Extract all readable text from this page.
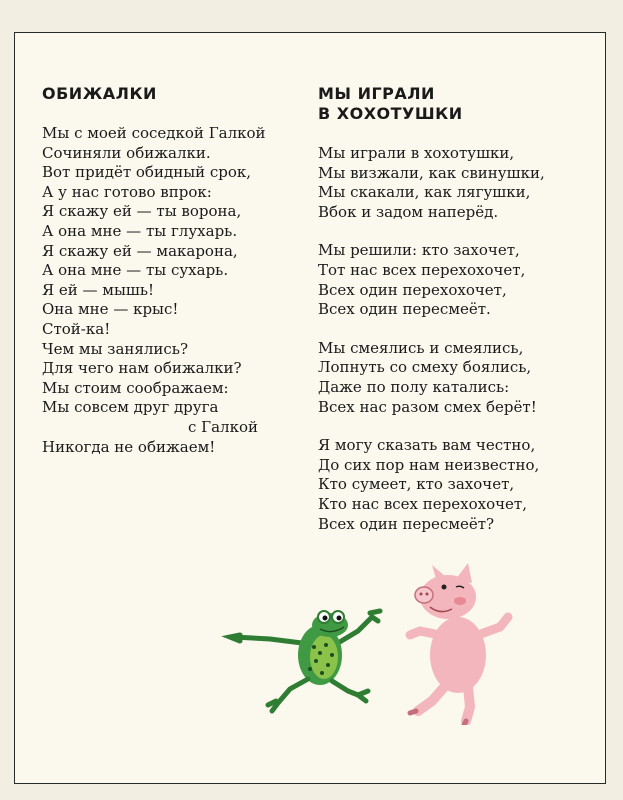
ОБИЖАЛКИ
Мы с моей соседкой Галкой
Сочиняли обижалки.
Вот придёт обидный срок,
А у нас готово впрок:
Я скажу ей — ты ворона,
А она мне — ты глухарь.
Я скажу ей — макарона,
А она мне — ты сухарь.
Я ей — мышь!
Она мне — крыс!
Стой-ка!
Чем мы занялись?
Для чего нам обижалки?
Мы стоим соображаем:
Мы совсем друг друга
с Галкой
Никогда не обижаем!
МЫ ИГРАЛИ
В ХОХОТУШКИ
Мы играли в хохотушки,
Мы визжали, как свинушки,
Мы скакали, как лягушки,
Вбок и задом наперёд.
Мы решили: кто захочет,
Тот нас всех перехохочет,
Всех один перехохочет,
Всех один пересмеёт.
Мы смеялись и смеялись,
Лопнуть со смеху боялись,
Даже по полу катались:
Всех нас разом смех берёт!
Я могу сказать вам честно,
До сих пор нам неизвестно,
Кто сумеет, кто захочет,
Кто нас всех перехохочет,
Всех один пересмеёт?
